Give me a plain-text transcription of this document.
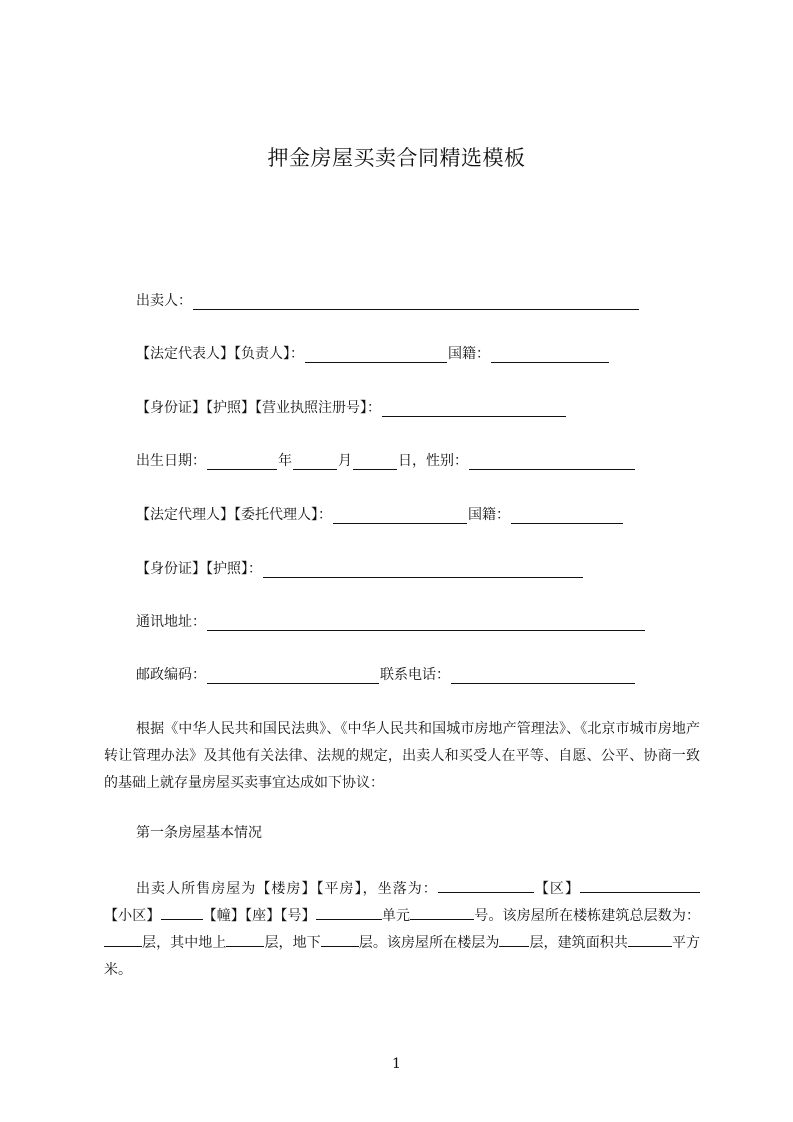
押金房屋买卖合同精选模板
出卖人：
【法定代表人】【负责人】：	国籍：
【身份证】【护照】【营业执照注册号】：
出生日期：	年	月	日，性别：
【法定代理人】【委托代理人】：	国籍：
【身份证】【护照】：
通讯地址：
邮政编码：	联系电话：
根据《中华人民共和国民法典》、《中华人民共和国城市房地产管理法》、《北京市城市房地产转让管理办法》及其他有关法律、法规的规定，出卖人和买受人在平等、自愿、公平、协商一致的基础上就存量房屋买卖事宜达成如下协议：
第一条房屋基本情况
出卖人所售房屋为【楼房】【平房】，坐落为：	【区】【小区】	【幢】【座】【号】	单元	号。该房屋所在楼栋建筑总层数为：层，其中地上	层，地下	层。该房屋所在楼层为 层，建筑面积共	平方米。
1
